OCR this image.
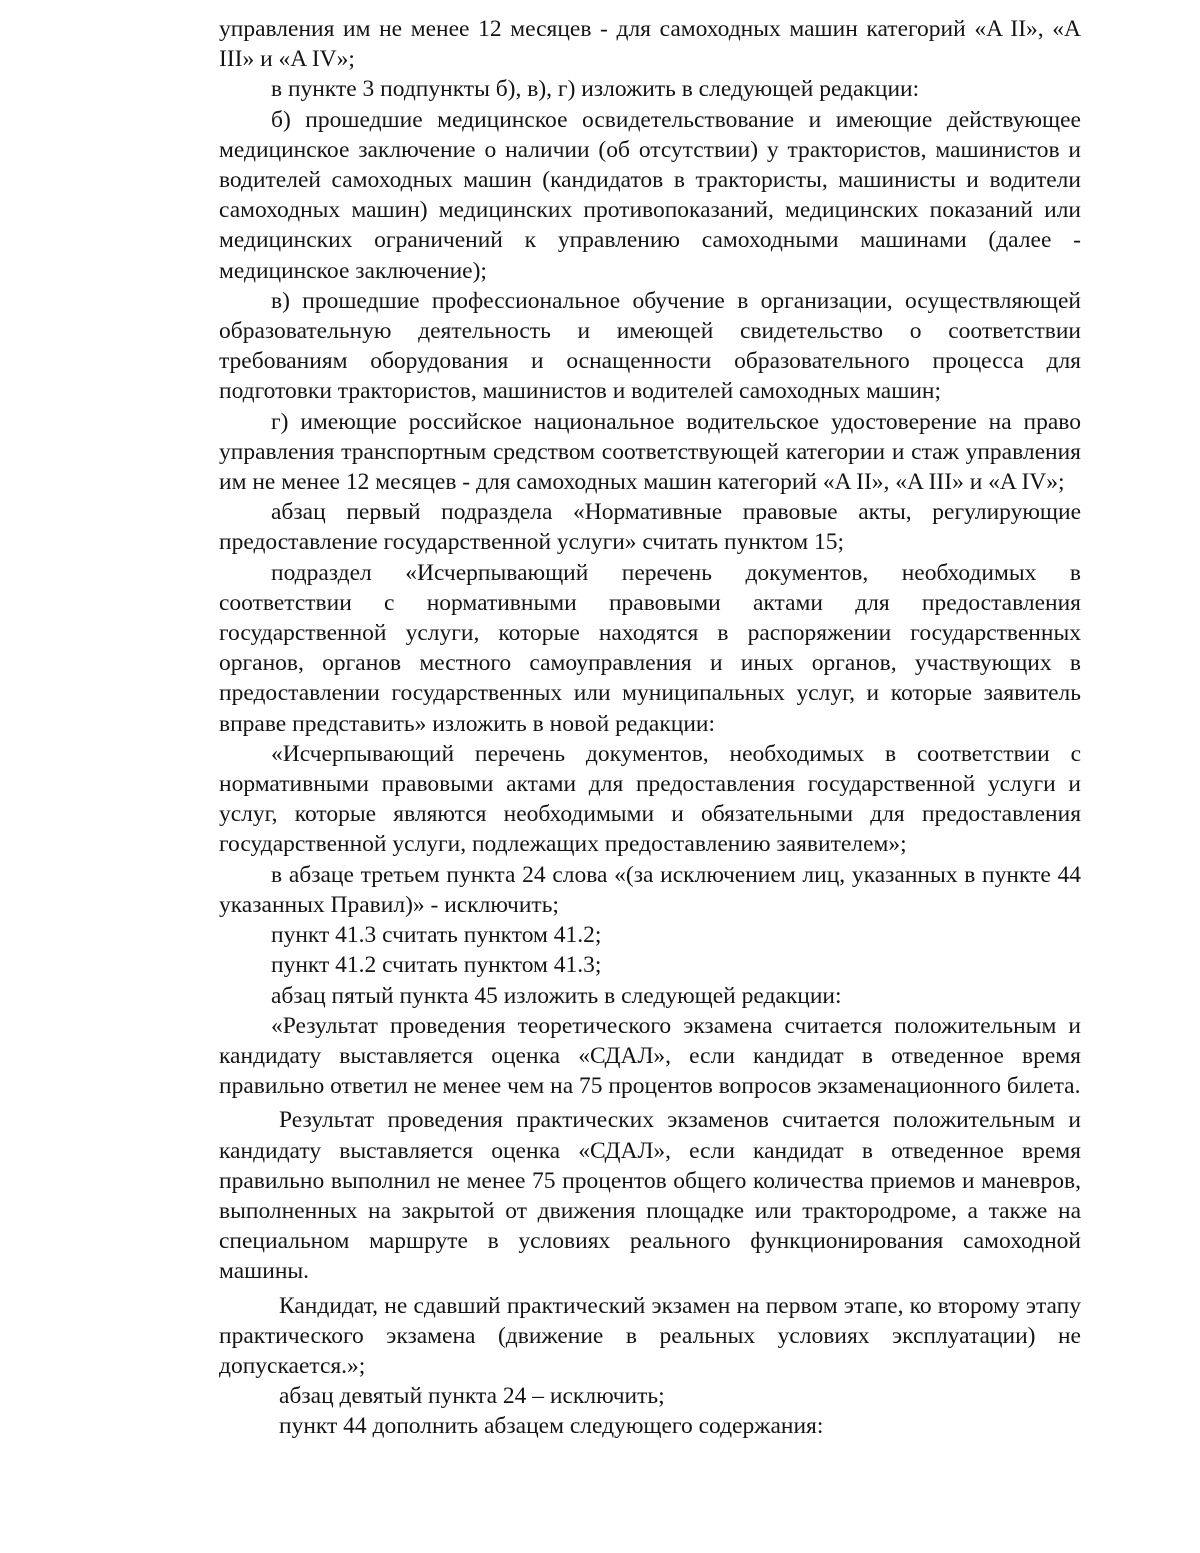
управления им не менее 12 месяцев - для самоходных машин категорий «A II», «A III» и «A IV»;

в пункте 3 подпункты б), в), г) изложить в следующей редакции:

б) прошедшие медицинское освидетельствование и имеющие действующее медицинское заключение о наличии (об отсутствии) у трактористов, машинистов и водителей самоходных машин (кандидатов в трактористы, машинисты и водители самоходных машин) медицинских противопоказаний, медицинских показаний или медицинских ограничений к управлению самоходными машинами (далее - медицинское заключение);

в) прошедшие профессиональное обучение в организации, осуществляющей образовательную деятельность и имеющей свидетельство о соответствии требованиям оборудования и оснащенности образовательного процесса для подготовки трактористов, машинистов и водителей самоходных машин;

г) имеющие российское национальное водительское удостоверение на право управления транспортным средством соответствующей категории и стаж управления им не менее 12 месяцев - для самоходных машин категорий «A II», «A III» и «A IV»;

абзац первый подраздела «Нормативные правовые акты, регулирующие предоставление государственной услуги» считать пунктом 15;

подраздел «Исчерпывающий перечень документов, необходимых в соответствии с нормативными правовыми актами для предоставления государственной услуги, которые находятся в распоряжении государственных органов, органов местного самоуправления и иных органов, участвующих в предоставлении государственных или муниципальных услуг, и которые заявитель вправе представить» изложить в новой редакции:

«Исчерпывающий перечень документов, необходимых в соответствии с нормативными правовыми актами для предоставления государственной услуги и услуг, которые являются необходимыми и обязательными для предоставления государственной услуги, подлежащих предоставлению заявителем»;

в абзаце третьем пункта 24 слова «(за исключением лиц, указанных в пункте 44 указанных Правил)» - исключить;

пункт 41.3 считать пунктом 41.2;

пункт 41.2 считать пунктом 41.3;

абзац пятый пункта 45 изложить в следующей редакции:

«Результат проведения теоретического экзамена считается положительным и кандидату выставляется оценка «СДАЛ», если кандидат в отведенное время правильно ответил не менее чем на 75 процентов вопросов экзаменационного билета.

Результат проведения практических экзаменов считается положительным и кандидату выставляется оценка «СДАЛ», если кандидат в отведенное время правильно выполнил не менее 75 процентов общего количества приемов и маневров, выполненных на закрытой от движения площадке или трактородроме, а также на специальном маршруте в условиях реального функционирования самоходной машины.

Кандидат, не сдавший практический экзамен на первом этапе, ко второму этапу практического экзамена (движение в реальных условиях эксплуатации) не допускается.»;

абзац девятый пункта 24 – исключить;

пункт 44 дополнить абзацем следующего содержания:
